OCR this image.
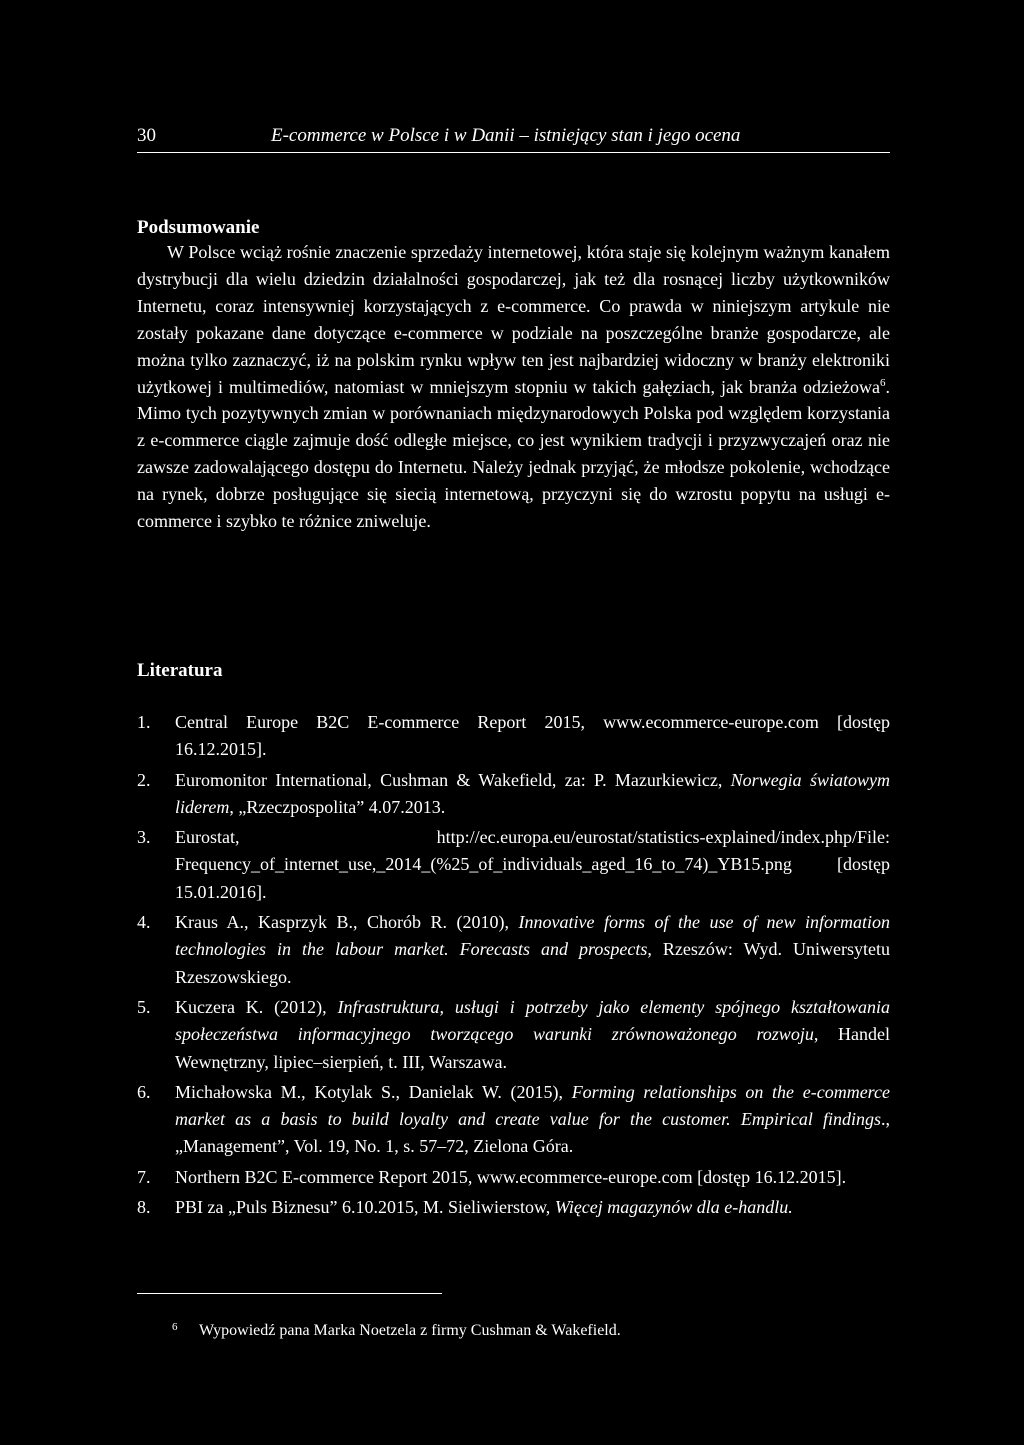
30	E-commerce w Polsce i w Danii – istniejący stan i jego ocena
Podsumowanie

W Polsce wciąż rośnie znaczenie sprzedaży internetowej, która staje się kolejnym ważnym kanałem dystrybucji dla wielu dziedzin działalności gospodarczej, jak też dla rosnącej liczby użytkowników Internetu, coraz intensywniej korzystających z e-commerce. Co prawda w niniejszym artykule nie zostały pokazane dane dotyczące e-commerce w podziale na poszczególne branże gospodarcze, ale można tylko zaznaczyć, iż na polskim rynku wpływ ten jest najbardziej widoczny w branży elektroniki użytkowej i multimediów, natomiast w mniejszym stopniu w takich gałęziach, jak branża odzieżowa$^6$. Mimo tych pozytywnych zmian w porównaniach międzynarodowych Polska pod względem korzystania z e-commerce ciągle zajmuje dość odległe miejsce, co jest wynikiem tradycji i przyzwyczajeń oraz nie zawsze zadowalającego dostępu do Internetu. Należy jednak przyjąć, że młodsze pokolenie, wchodzące na rynek, dobrze posługujące się siecią internetową, przyczyni się do wzrostu popytu na usługi e-commerce i szybko te różnice zniweluje.

Literatura
1. Central Europe B2C E-commerce Report 2015, www.ecommerce-europe.com [dostęp 16.12.2015].
2. Euromonitor International, Cushman & Wakefield, za: P. Mazurkiewicz, Norwegia światowym liderem, „Rzeczpospolita” 4.07.2013.
3. Eurostat, http://ec.europa.eu/eurostat/statistics-explained/index.php/File: Frequency_of_internet_use,_2014_(%25_of_individuals_aged_16_to_74)_YB15.png [dostęp 15.01.2016].
4. Kraus A., Kasprzyk B., Chorób R. (2010), Innovative forms of the use of new information technologies in the labour market. Forecasts and prospects, Rzeszów: Wyd. Uniwersytetu Rzeszowskiego.
5. Kuczera K. (2012), Infrastruktura, usługi i potrzeby jako elementy spójnego kształtowania społeczeństwa informacyjnego tworzącego warunki zrównoważonego rozwoju, Handel Wewnętrzny, lipiec–sierpień, t. III, Warszawa.
6. Michałowska M., Kotylak S., Danielak W. (2015), Forming relationships on the e-commerce market as a basis to build loyalty and create value for the customer. Empirical findings., „Management”, Vol. 19, No. 1, s. 57–72, Zielona Góra.
7. Northern B2C E-commerce Report 2015, www.ecommerce-europe.com [dostęp 16.12.2015].
8. PBI za „Puls Biznesu” 6.10.2015, M. Sieliwierstow, Więcej magazynów dla e-handlu.
6 Wypowiedź pana Marka Noetzela z firmy Cushman & Wakefield.
